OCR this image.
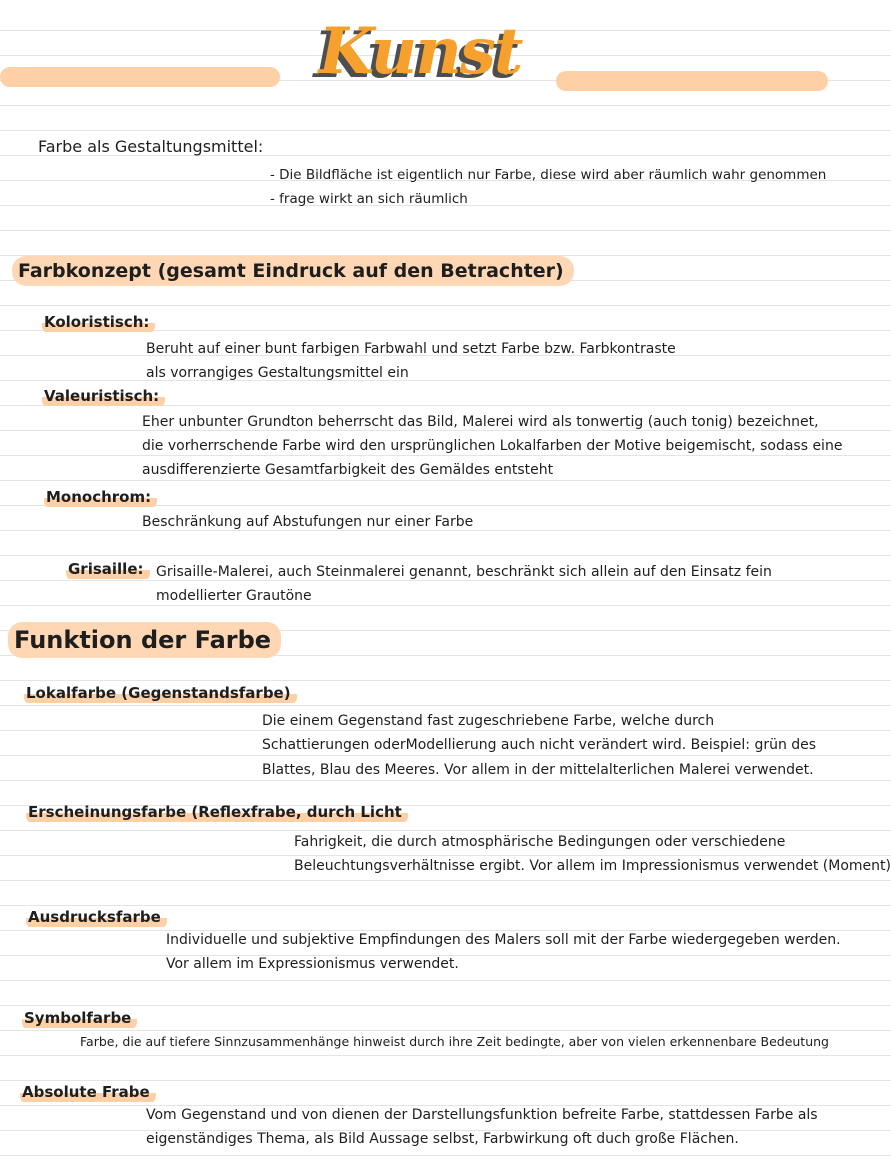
Kunst
Farbe als Gestaltungsmittel:
- Die Bildfläche ist eigentlich nur Farbe, diese wird aber räumlich wahr genommen
- frage wirkt an sich räumlich
Farbkonzept (gesamt Eindruck auf den Betrachter)
Koloristisch:
Beruht auf einer bunt farbigen Farbwahl und setzt Farbe bzw. Farbkontraste
als vorrangiges Gestaltungsmittel ein
Valeuristisch:
Eher unbunter Grundton beherrscht das Bild, Malerei wird als tonwertig (auch tonig) bezeichnet,
die vorherrschende Farbe wird den ursprünglichen Lokalfarben der Motive beigemischt, sodass eine
ausdifferenzierte Gesamtfarbigkeit des Gemäldes entsteht
Monochrom:
Beschränkung auf Abstufungen nur einer Farbe
Grisaille: Grisaille-Malerei, auch Steinmalerei genannt, beschränkt sich allein auf den Einsatz fein
modellierter Grautöne
Funktion der Farbe
Lokalfarbe (Gegenstandsfarbe)
Die einem Gegenstand fast zugeschriebene Farbe, welche durch
Schattierungen oderModellierung auch nicht verändert wird. Beispiel: grün des
Blattes, Blau des Meeres. Vor allem in der mittelalterlichen Malerei verwendet.
Erscheinungsfarbe (Reflexfrabe, durch Licht
Fahrigkeit, die durch atmosphärische Bedingungen oder verschiedene
Beleuchtungsverhältnisse ergibt. Vor allem im Impressionismus verwendet (Moment)
Ausdrucksfarbe
Individuelle und subjektive Empfindungen des Malers soll mit der Farbe wiedergegeben werden.
Vor allem im Expressionismus verwendet.
Symbolfarbe
Farbe, die auf tiefere Sinnzusammenhänge hinweist durch ihre Zeit bedingte, aber von vielen erkennenbare Bedeutung
Absolute Frabe
Vom Gegenstand und von dienen der Darstellungsfunktion befreite Farbe, stattdessen Farbe als
eigenständiges Thema, als Bild Aussage selbst, Farbwirkung oft duch große Flächen.
